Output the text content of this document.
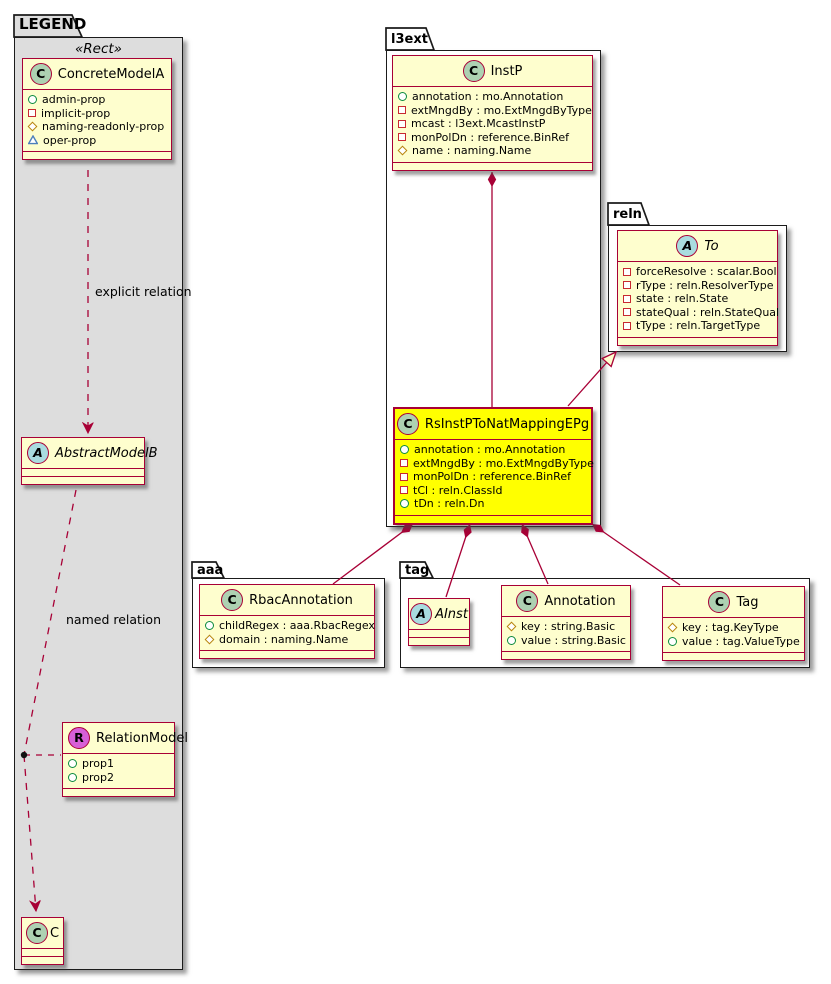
LEGEND
l3ext
reln
aaa	tag
«Rect»
explicit relation
named relation
C ConcreteModelA
admin-prop
implicit-prop
naming-readonly-prop
oper-prop
A AbstractModelB
R RelationModel
prop1
prop2
C C
C InstP
annotation : mo.Annotation
extMngdBy : mo.ExtMngdByType
mcast : l3ext.McastInstP
monPolDn : reference.BinRef
name : naming.Name
C RsInstPToNatMappingEPg
annotation : mo.Annotation
extMngdBy : mo.ExtMngdByType
monPolDn : reference.BinRef
tCl : reln.ClassId
tDn : reln.Dn
A To
forceResolve : scalar.Bool
rType : reln.ResolverType
state : reln.State
stateQual : reln.StateQual
tType : reln.TargetType
C RbacAnnotation
childRegex : aaa.RbacRegex
domain : naming.Name
A AInst
C Annotation
key : string.Basic
value : string.Basic
C Tag
key : tag.KeyType
value : tag.ValueType
